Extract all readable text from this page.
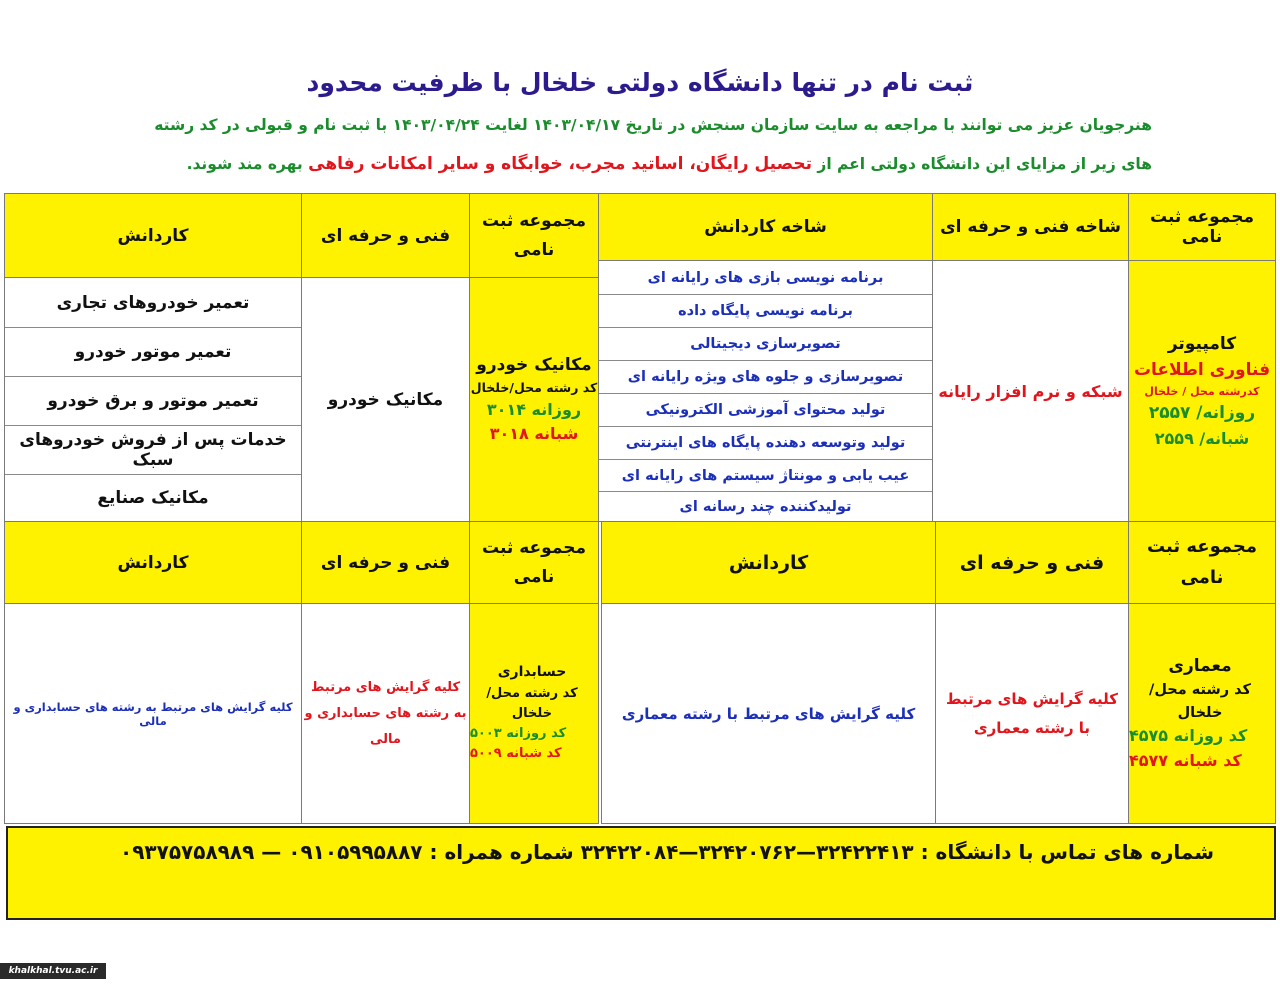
ثبت نام در تنها دانشگاه دولتی خلخال با ظرفیت محدود
هنرجویان عزیز می توانند با مراجعه به سایت سازمان سنجش در تاریخ ۱۴۰۳/۰۴/۱۷ لغایت ۱۴۰۳/۰۴/۲۴ با ثبت نام و قبولی در کد رشته
های زیر از مزایای این دانشگاه دولتی اعم از تحصیل رایگان، اساتید مجرب، خوابگاه و سایر امکانات رفاهی بهره مند شوند.
مجموعه ثبت نامی
شاخه فنی و حرفه ای
شاخه کاردانش
کامپیوتر
فناوری اطلاعات
کدرشته محل / خلخال
روزانه/ ۲۵۵۷
شبانه/ ۲۵۵۹
شبکه و نرم افزار رایانه
برنامه نویسی بازی های رایانه ای
برنامه نویسی پایگاه داده
تصویرسازی دیجیتالی
تصویرسازی و جلوه های ویژه رایانه ای
تولید محتوای آموزشی الکترونیکی
تولید وتوسعه دهنده پایگاه های اینترنتی
عیب یابی و مونتاژ سیستم های رایانه ای
تولیدکننده چند رسانه ای
مجموعه ثبت نامی
فنی و حرفه ای
کاردانش
مکانیک خودرو
کد رشته محل/خلخال
روزانه ۳۰۱۴
شبانه ۳۰۱۸
مکانیک خودرو
تعمیر خودروهای تجاری
تعمیر موتور خودرو
تعمیر موتور و برق خودرو
خدمات پس از فروش خودروهای سبک
مکانیک صنایع
مجموعه ثبت نامی
فنی و حرفه ای
کاردانش
معماری
کد رشته محل/خلخال
کد روزانه ۴۵۷۵
کد شبانه ۴۵۷۷
کلیه گرایش های مرتبط با رشته معماری
کلیه گرایش های مرتبط با رشته معماری
مجموعه ثبت نامی
فنی و حرفه ای
کاردانش
حسابداری
کد رشته محل/خلخال
کد روزانه ۵۰۰۳
کد شبانه ۵۰۰۹
کلیه گرایش های مرتبط به رشته های حسابداری و مالی
کلیه گرایش های مرتبط به رشته های حسابداری و مالی
شماره های تماس با دانشگاه : ۳۲۴۲۲۴۱۳—۳۲۴۲۰۷۶۲—۳۲۴۲۲۰۸۴ شماره همراه : ۰۹۱۰۵۹۹۵۸۸۷ — ۰۹۳۷۵۷۵۸۹۸۹
khalkhal.tvu.ac.ir
